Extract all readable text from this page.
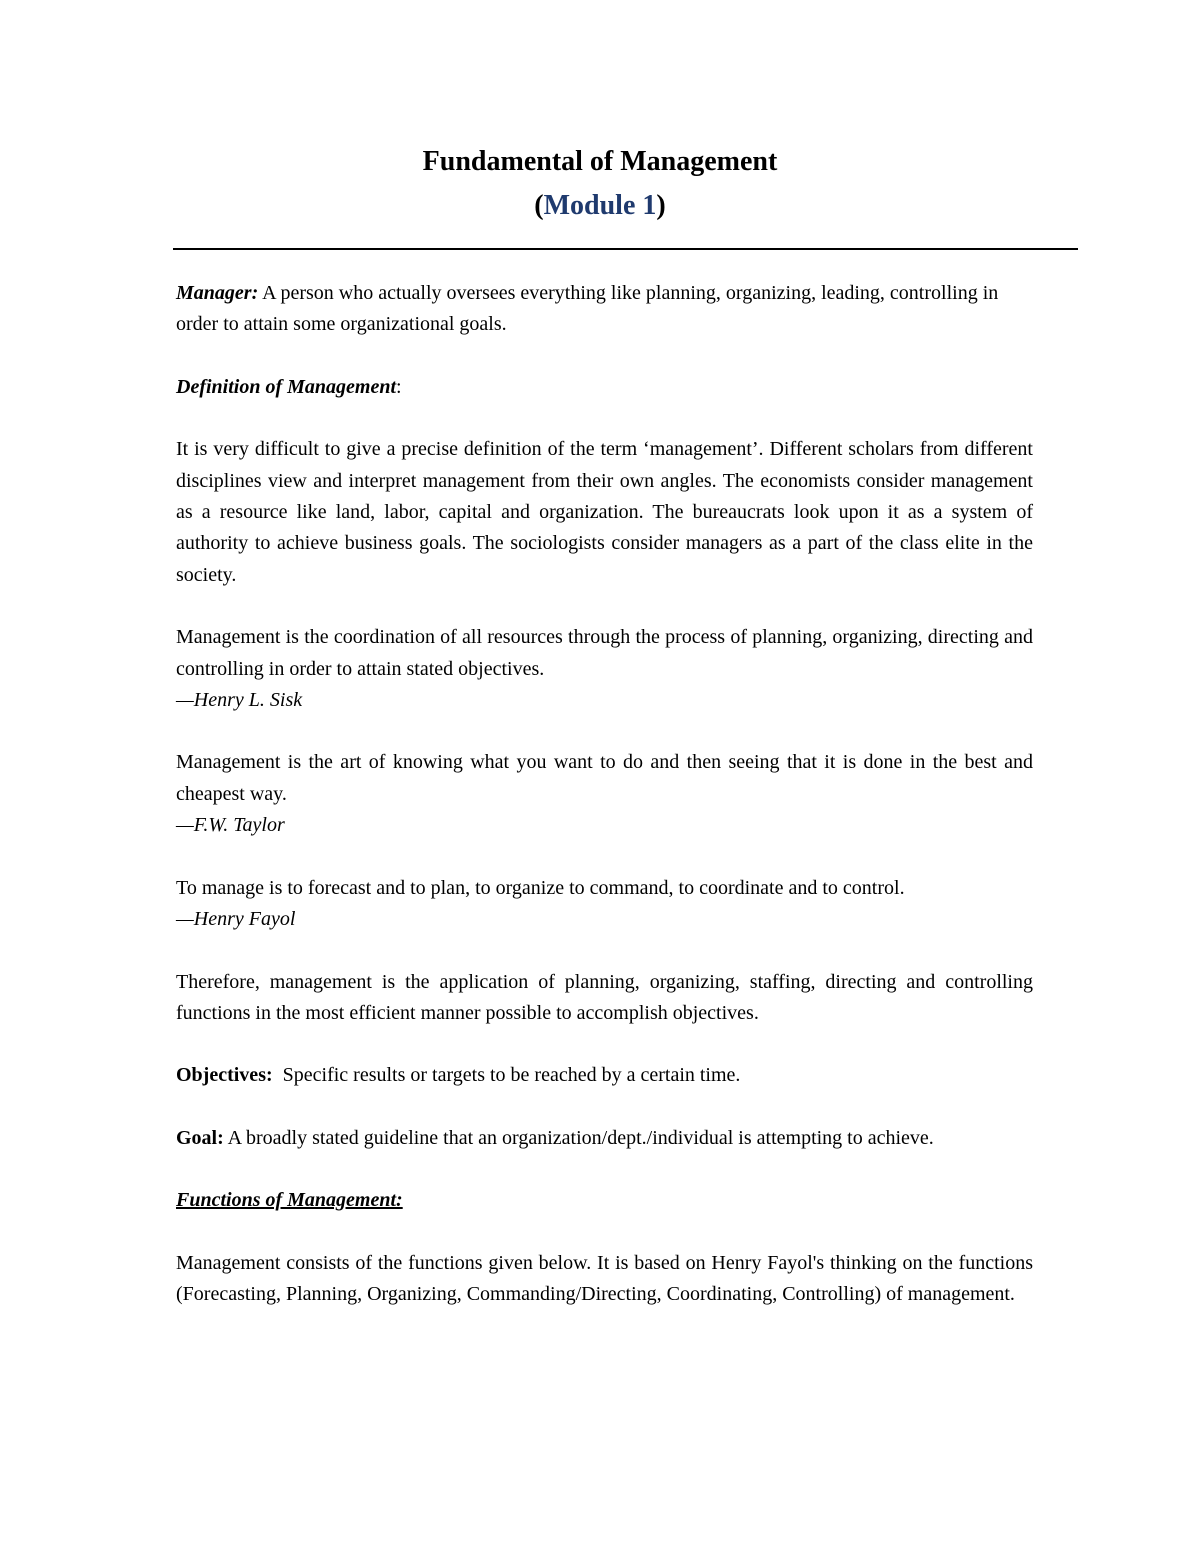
Fundamental of Management

(Module 1)

Manager: A person who actually oversees everything like planning, organizing, leading, controlling in order to attain some organizational goals.

Definition of Management:

It is very difficult to give a precise definition of the term ‘management’. Different scholars from different disciplines view and interpret management from their own angles. The economists consider management as a resource like land, labor, capital and organization. The bureaucrats look upon it as a system of authority to achieve business goals. The sociologists consider managers as a part of the class elite in the society.

Management is the coordination of all resources through the process of planning, organizing, directing and controlling in order to attain stated objectives.

—Henry L. Sisk

Management is the art of knowing what you want to do and then seeing that it is done in the best and cheapest way.

—F.W. Taylor

To manage is to forecast and to plan, to organize to command, to coordinate and to control.

—Henry Fayol

Therefore, management is the application of planning, organizing, staffing, directing and controlling functions in the most efficient manner possible to accomplish objectives.

Objectives:  Specific results or targets to be reached by a certain time.

Goal: A broadly stated guideline that an organization/dept./individual is attempting to achieve.

Functions of Management:

Management consists of the functions given below. It is based on Henry Fayol's thinking on the functions (Forecasting, Planning, Organizing, Commanding/Directing, Coordinating, Controlling) of management.
